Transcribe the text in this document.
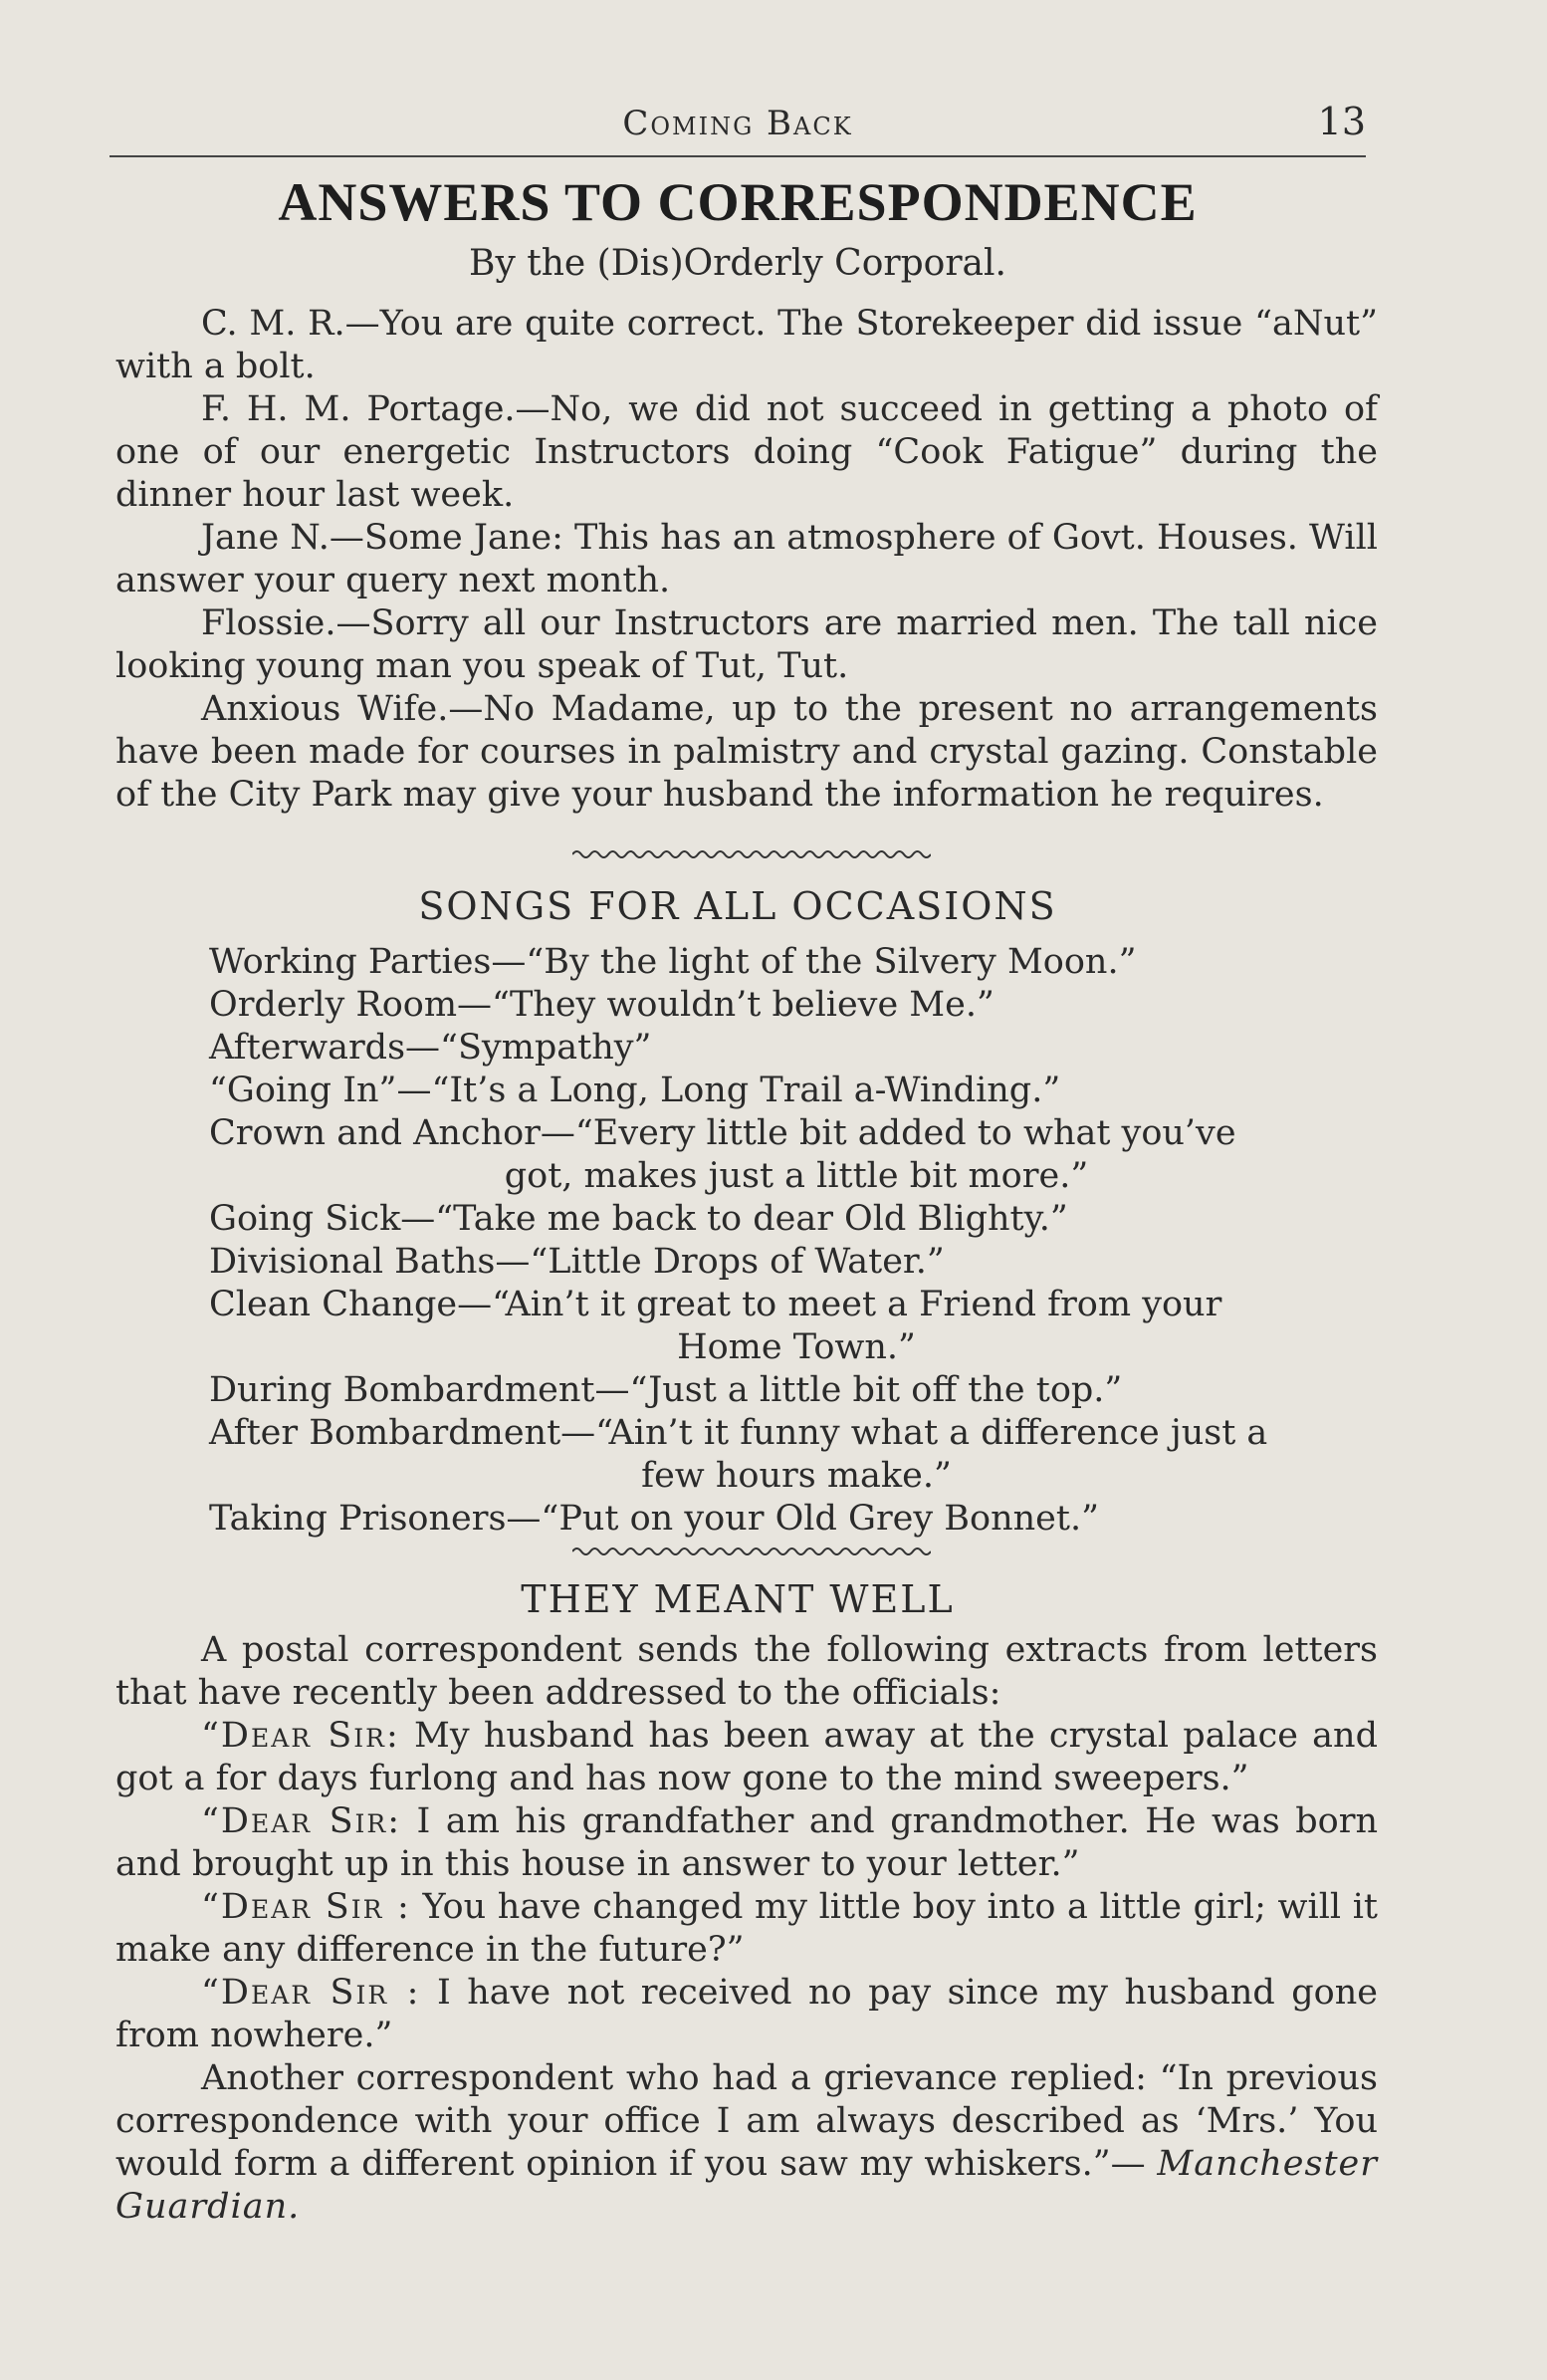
Coming Back	13
ANSWERS TO CORRESPONDENCE
By the (Dis)Orderly Corporal.
C. M. R.—You are quite correct. The Storekeeper did issue “aNut” with a bolt.
F. H. M. Portage.—No, we did not succeed in getting a photo of one of our energetic Instructors doing “Cook Fatigue” during the dinner hour last week.
Jane N.—Some Jane: This has an atmosphere of Govt. Houses. Will answer your query next month.
Flossie.—Sorry all our Instructors are married men. The tall nice looking young man you speak of Tut, Tut.
Anxious Wife.—No Madame, up to the present no arrangements have been made for courses in palmistry and crystal gazing. Constable of the City Park may give your husband the information he requires.
SONGS FOR ALL OCCASIONS
Working Parties—“By the light of the Silvery Moon.”
Orderly Room—“They wouldn’t believe Me.”
Afterwards—“Sympathy”
“Going In”—“It’s a Long, Long Trail a-Winding.”
Crown and Anchor—“Every little bit added to what you’ve
got, makes just a little bit more.”
Going Sick—“Take me back to dear Old Blighty.”
Divisional Baths—“Little Drops of Water.”
Clean Change—“Ain’t it great to meet a Friend from your
Home Town.”
During Bombardment—“Just a little bit off the top.”
After Bombardment—“Ain’t it funny what a difference just a
few hours make.”
Taking Prisoners—“Put on your Old Grey Bonnet.”
THEY MEANT WELL
A postal correspondent sends the following extracts from letters that have recently been addressed to the officials:
“Dear Sir: My husband has been away at the crystal palace and got a for days furlong and has now gone to the mind sweepers.”
“Dear Sir: I am his grandfather and grandmother. He was born and brought up in this house in answer to your letter.”
“Dear Sir : You have changed my little boy into a little girl; will it make any difference in the future?”
“Dear Sir : I have not received no pay since my husband gone from nowhere.”
Another correspondent who had a grievance replied: “In previous correspondence with your office I am always described as ‘Mrs.’ You would form a different opinion if you saw my whiskers.”— Manchester Guardian.
